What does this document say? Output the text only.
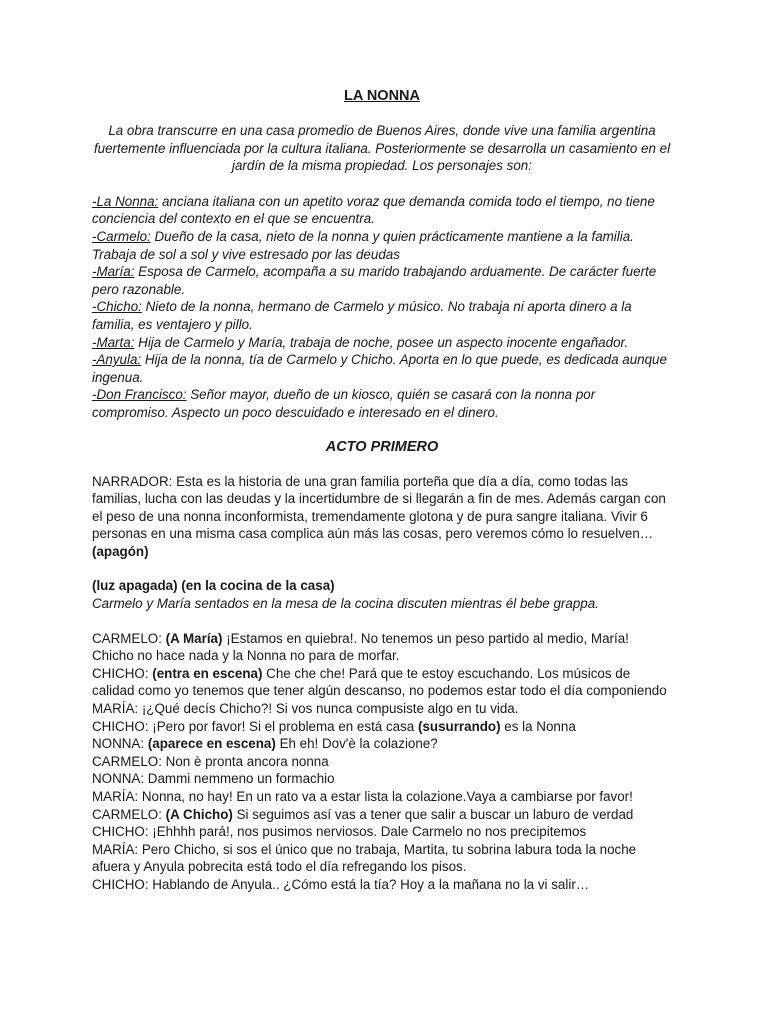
LA NONNA

La obra transcurre en una casa promedio de Buenos Aires, donde vive una familia argentina fuertemente influenciada por la cultura italiana. Posteriormente se desarrolla un casamiento en el jardín de la misma propiedad. Los personajes son:

-La Nonna: anciana italiana con un apetito voraz que demanda comida todo el tiempo, no tiene conciencia del contexto en el que se encuentra.
-Carmelo: Dueño de la casa, nieto de la nonna y quien prácticamente mantiene a la familia. Trabaja de sol a sol y vive estresado por las deudas
-María: Esposa de Carmelo, acompaña a su marido trabajando arduamente. De carácter fuerte pero razonable.
-Chicho: Nieto de la nonna, hermano de Carmelo y músico. No trabaja ni aporta dinero a la familia, es ventajero y pillo.
-Marta: Hija de Carmelo y María, trabaja de noche, posee un aspecto inocente engañador.
-Anyula: Hija de la nonna, tía de Carmelo y Chicho. Aporta en lo que puede, es dedicada aunque ingenua.
-Don Francisco: Señor mayor, dueño de un kiosco, quién se casará con la nonna por compromiso. Aspecto un poco descuidado e interesado en el dinero.

ACTO PRIMERO

NARRADOR: Esta es la historia de una gran familia porteña que día a día, como todas las familias, lucha con las deudas y la incertidumbre de si llegarán a fin de mes. Además cargan con el peso de una nonna inconformista, tremendamente glotona y de pura sangre italiana. Vivir 6 personas en una misma casa complica aún más las cosas, pero veremos cómo lo resuelven… (apagón)

(luz apagada) (en la cocina de la casa)
Carmelo y María sentados en la mesa de la cocina discuten mientras él bebe grappa.

CARMELO: (A María) ¡Estamos en quiebra!. No tenemos un peso partido al medio, María! Chicho no hace nada y la Nonna no para de morfar.
CHICHO: (entra en escena) Che che che! Pará que te estoy escuchando. Los músicos de calidad como yo tenemos que tener algún descanso, no podemos estar todo el día componiendo
MARÍA: ¡¿Qué decís Chicho?! Si vos nunca compusiste algo en tu vida.
CHICHO: ¡Pero por favor! Si el problema en está casa (susurrando) es la Nonna
NONNA: (aparece en escena) Eh eh! Dov'è la colazione?
CARMELO: Non è pronta ancora nonna
NONNA: Dammi nemmeno un formachio
MARÍA: Nonna, no hay! En un rato va a estar lista la colazione.Vaya a cambiarse por favor!
CARMELO: (A Chicho) Si seguimos así vas a tener que salir a buscar un laburo de verdad
CHICHO: ¡Ehhhh pará!, nos pusimos nerviosos. Dale Carmelo no nos precipitemos
MARÍA: Pero Chicho, si sos el único que no trabaja, Martita, tu sobrina labura toda la noche afuera y Anyula pobrecita está todo el día refregando los pisos.
CHICHO: Hablando de Anyula.. ¿Cómo está la tía? Hoy a la mañana no la vi salir…
